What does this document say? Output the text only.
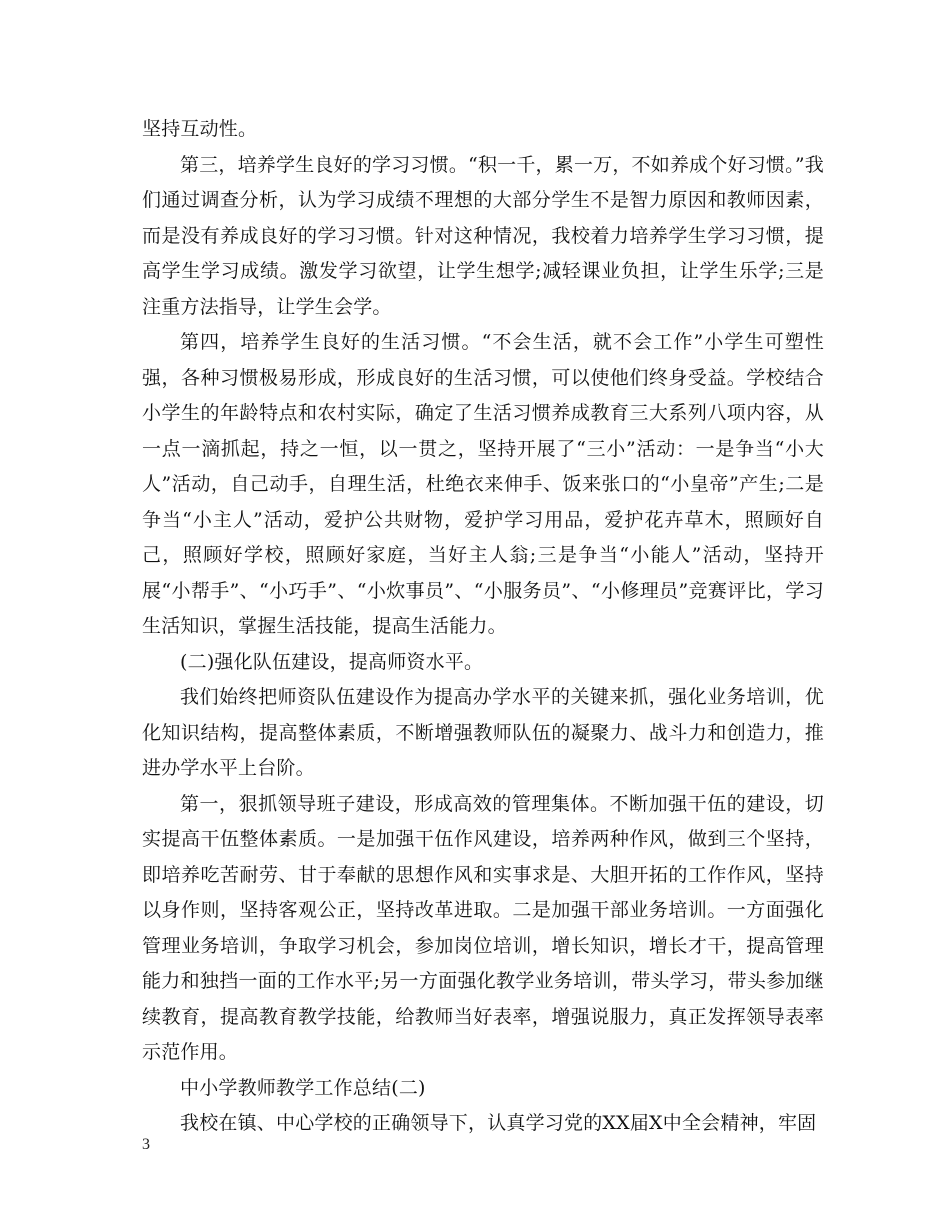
坚持互动性。

第三，培养学生良好的学习习惯。“积一千，累一万，不如养成个好习惯。”我们通过调查分析，认为学习成绩不理想的大部分学生不是智力原因和教师因素，而是没有养成良好的学习习惯。针对这种情况，我校着力培养学生学习习惯，提高学生学习成绩。激发学习欲望，让学生想学;减轻课业负担，让学生乐学;三是注重方法指导，让学生会学。

第四，培养学生良好的生活习惯。“不会生活，就不会工作”小学生可塑性强，各种习惯极易形成，形成良好的生活习惯，可以使他们终身受益。学校结合小学生的年龄特点和农村实际，确定了生活习惯养成教育三大系列八项内容，从一点一滴抓起，持之一恒，以一贯之，坚持开展了“三小”活动：一是争当“小大人”活动，自己动手，自理生活，杜绝衣来伸手、饭来张口的“小皇帝”产生;二是争当“小主人”活动，爱护公共财物，爱护学习用品，爱护花卉草木，照顾好自己，照顾好学校，照顾好家庭，当好主人翁;三是争当“小能人”活动，坚持开展“小帮手”、“小巧手”、“小炊事员”、“小服务员”、“小修理员”竞赛评比，学习生活知识，掌握生活技能，提高生活能力。

(二)强化队伍建设，提高师资水平。

我们始终把师资队伍建设作为提高办学水平的关键来抓，强化业务培训，优化知识结构，提高整体素质，不断增强教师队伍的凝聚力、战斗力和创造力，推进办学水平上台阶。

第一，狠抓领导班子建设，形成高效的管理集体。不断加强干伍的建设，切实提高干伍整体素质。一是加强干伍作风建设，培养两种作风，做到三个坚持，即培养吃苦耐劳、甘于奉献的思想作风和实事求是、大胆开拓的工作作风，坚持以身作则，坚持客观公正，坚持改革进取。二是加强干部业务培训。一方面强化管理业务培训，争取学习机会，参加岗位培训，增长知识，增长才干，提高管理能力和独挡一面的工作水平;另一方面强化教学业务培训，带头学习，带头参加继续教育，提高教育教学技能，给教师当好表率，增强说服力，真正发挥领导表率示范作用。

中小学教师教学工作总结(二)

我校在镇、中心学校的正确领导下，认真学习党的XX届X中全会精神，牢固

3
